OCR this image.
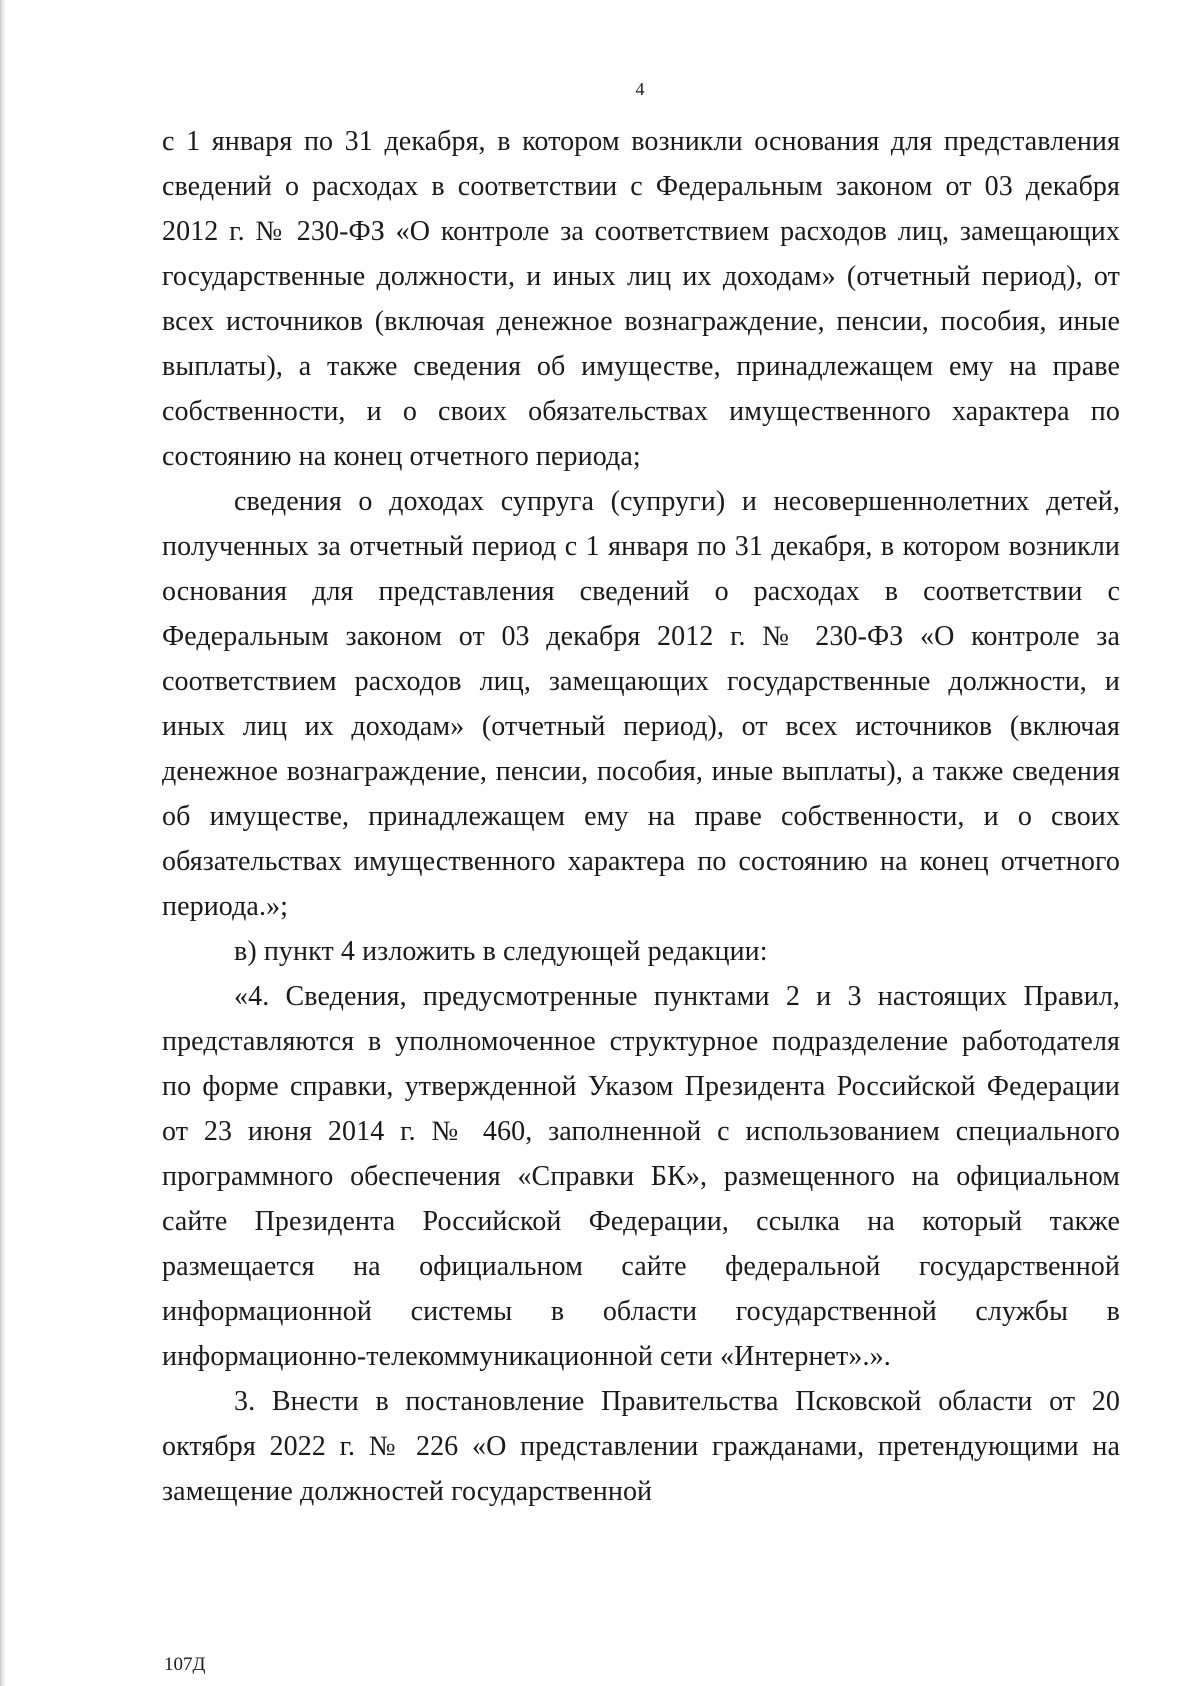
4

с 1 января по 31 декабря, в котором возникли основания для представления сведений о расходах в соответствии с Федеральным законом от 03 декабря 2012 г. № 230-ФЗ «О контроле за соответствием расходов лиц, замещающих государственные должности, и иных лиц их доходам» (отчетный период), от всех источников (включая денежное вознаграждение, пенсии, пособия, иные выплаты), а также сведения об имуществе, принадлежащем ему на праве собственности, и о своих обязательствах имущественного характера по состоянию на конец отчетного периода;

сведения о доходах супруга (супруги) и несовершеннолетних детей, полученных за отчетный период с 1 января по 31 декабря, в котором возникли основания для представления сведений о расходах в соответствии с Федеральным законом от 03 декабря 2012 г. № 230-ФЗ «О контроле за соответствием расходов лиц, замещающих государственные должности, и иных лиц их доходам» (отчетный период), от всех источников (включая денежное вознаграждение, пенсии, пособия, иные выплаты), а также сведения об имуществе, принадлежащем ему на праве собственности, и о своих обязательствах имущественного характера по состоянию на конец отчетного периода.»;

в) пункт 4 изложить в следующей редакции:

«4. Сведения, предусмотренные пунктами 2 и 3 настоящих Правил, представляются в уполномоченное структурное подразделение работодателя по форме справки, утвержденной Указом Президента Российской Федерации от 23 июня 2014 г. № 460, заполненной с использованием специального программного обеспечения «Справки БК», размещенного на официальном сайте Президента Российской Федерации, ссылка на который также размещается на официальном сайте федеральной государственной информационной системы в области государственной службы в информационно-телекоммуникационной сети «Интернет».».

3. Внести в постановление Правительства Псковской области от 20 октября 2022 г. № 226 «О представлении гражданами, претендующими на замещение должностей государственной

107Д
